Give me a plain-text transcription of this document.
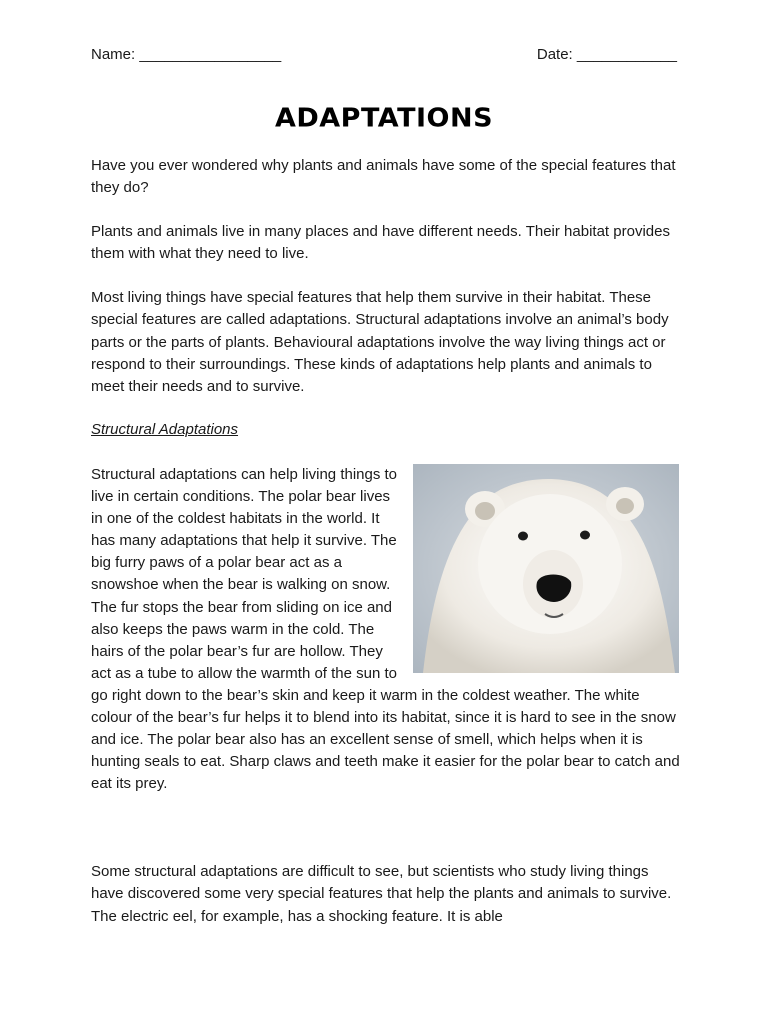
Name: _________________	Date: ____________
ADAPTATIONS

Have you ever wondered why plants and animals have some of the special features that they do?

Plants and animals live in many places and have different needs. Their habitat provides them with what they need to live.

Most living things have special features that help them survive in their habitat. These special features are called adaptations. Structural adaptations involve an animal’s body parts or the parts of plants. Behavioural adaptations involve the way living things act or respond to their surroundings. These kinds of adaptations help plants and animals to meet their needs and to survive.

Structural Adaptations

Structural adaptations can help living things to live in certain conditions. The polar bear lives in one of the coldest habitats in the world. It has many adaptations that help it survive. The big furry paws of a polar bear act as a snowshoe when the bear is walking on snow. The fur stops the bear from sliding on ice and also keeps the paws warm in the cold. The hairs of the polar bear’s fur are hollow. They act as a tube to allow the warmth of the sun to go right down to the bear’s skin and keep it warm in the coldest weather. The white colour of the bear’s fur helps it to blend into its habitat, since it is hard to see in the snow and ice. The polar bear also has an excellent sense of smell, which helps when it is hunting seals to eat. Sharp claws and teeth make it easier for the polar bear to catch and eat its prey.

Some structural adaptations are difficult to see, but scientists who study living things have discovered some very special features that help the plants and animals to survive. The electric eel, for example, has a shocking feature. It is able
